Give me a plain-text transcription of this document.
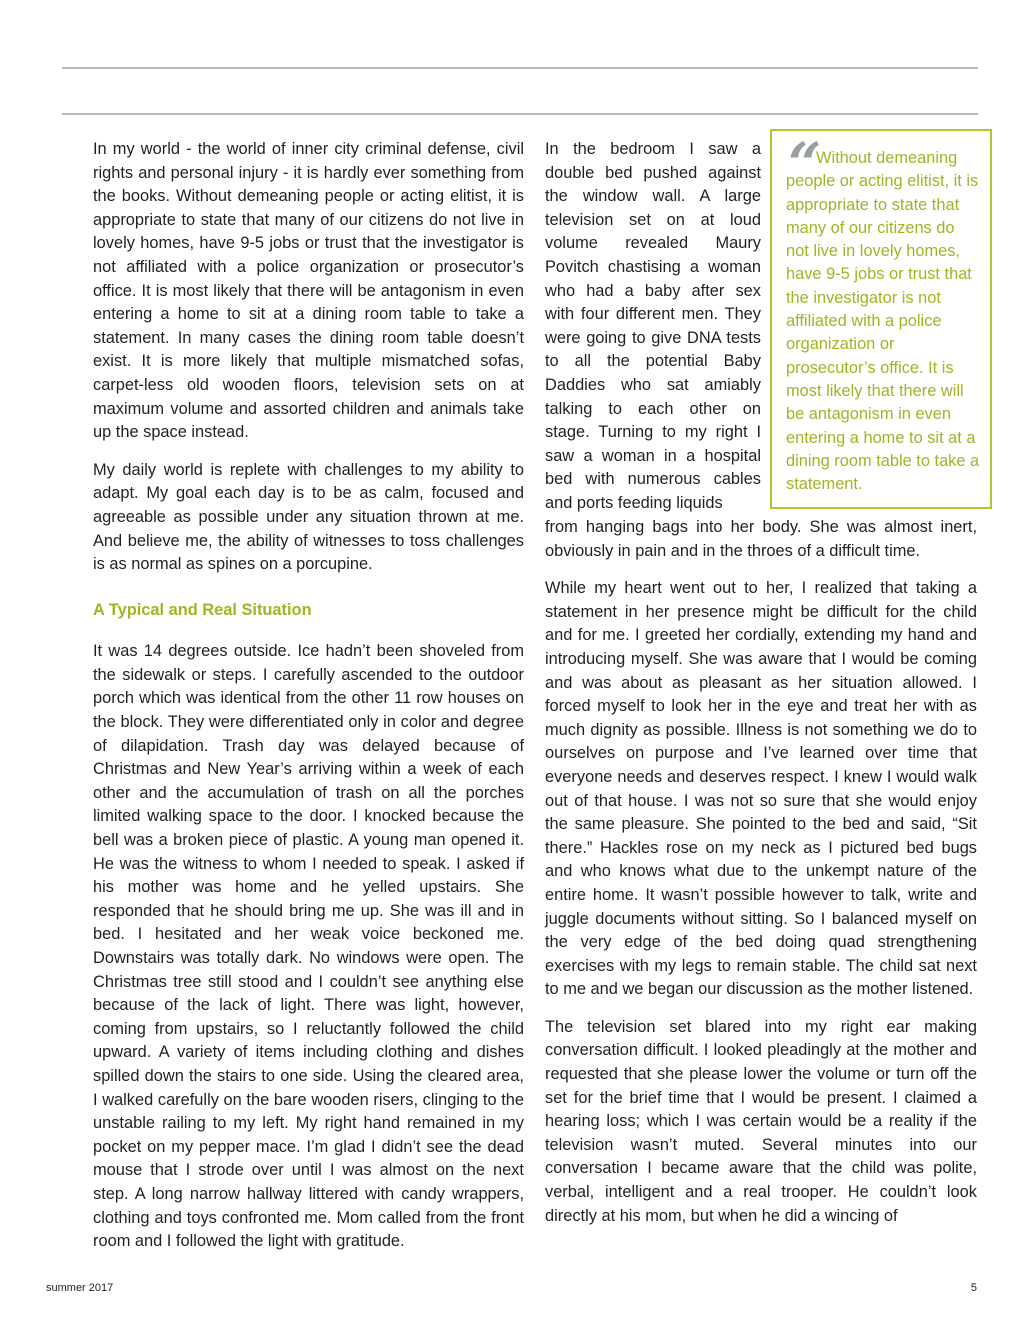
In my world - the world of inner city criminal defense, civil rights and personal injury - it is hardly ever something from the books. Without demeaning people or acting elitist, it is appropriate to state that many of our citizens do not live in lovely homes, have 9-5 jobs or trust that the investigator is not affiliated with a police organization or prosecutor’s office. It is most likely that there will be antagonism in even entering a home to sit at a dining room table to take a statement. In many cases the dining room table doesn’t exist. It is more likely that multiple mismatched sofas, carpet-less old wooden floors, television sets on at maximum volume and assorted children and animals take up the space instead.

My daily world is replete with challenges to my ability to adapt. My goal each day is to be as calm, focused and agreeable as possible under any situation thrown at me. And believe me, the ability of witnesses to toss challenges is as normal as spines on a porcupine.

A Typical and Real Situation

It was 14 degrees outside. Ice hadn’t been shoveled from the sidewalk or steps. I carefully ascended to the outdoor porch which was identical from the other 11 row houses on the block. They were differentiated only in color and degree of dilapidation. Trash day was delayed because of Christmas and New Year’s arriving within a week of each other and the accumulation of trash on all the porches limited walking space to the door. I knocked because the bell was a broken piece of plastic. A young man opened it. He was the witness to whom I needed to speak. I asked if his mother was home and he yelled upstairs. She responded that he should bring me up. She was ill and in bed. I hesitated and her weak voice beckoned me. Downstairs was totally dark. No windows were open. The Christmas tree still stood and I couldn’t see anything else because of the lack of light. There was light, however, coming from upstairs, so I reluctantly followed the child upward. A variety of items including clothing and dishes spilled down the stairs to one side. Using the cleared area, I walked carefully on the bare wooden risers, clinging to the unstable railing to my left. My right hand remained in my pocket on my pepper mace. I’m glad I didn’t see the dead mouse that I strode over until I was almost on the next step. A long narrow hallway littered with candy wrappers, clothing and toys confronted me. Mom called from the front room and I followed the light with gratitude.

In the bedroom I saw a double bed pushed against the window wall. A large television set on at loud volume revealed Maury Povitch chastising a woman who had a baby after sex with four different men. They were going to give DNA tests to all the potential Baby Daddies who sat amiably talking to each other on stage. Turning to my right I saw a woman in a hospital bed with numerous cables and ports feeding liquids

from hanging bags into her body. She was almost inert, obviously in pain and in the throes of a difficult time.

While my heart went out to her, I realized that taking a statement in her presence might be difficult for the child and for me. I greeted her cordially, extending my hand and introducing myself. She was aware that I would be coming and was about as pleasant as her situation allowed. I forced myself to look her in the eye and treat her with as much dignity as possible. Illness is not something we do to ourselves on purpose and I’ve learned over time that everyone needs and deserves respect. I knew I would walk out of that house. I was not so sure that she would enjoy the same pleasure. She pointed to the bed and said, “Sit there.” Hackles rose on my neck as I pictured bed bugs and who knows what due to the unkempt nature of the entire home. It wasn’t possible however to talk, write and juggle documents without sitting. So I balanced myself on the very edge of the bed doing quad strengthening exercises with my legs to remain stable. The child sat next to me and we began our discussion as the mother listened.

The television set blared into my right ear making conversation difficult. I looked pleadingly at the mother and requested that she please lower the volume or turn off the set for the brief time that I would be present. I claimed a hearing loss; which I was certain would be a reality if the television wasn’t muted. Several minutes into our conversation I became aware that the child was polite, verbal, intelligent and a real trooper. He couldn’t look directly at his mom, but when he did a wincing of

“
Without demeaning people or acting elitist, it is appropriate to state that many of our citizens do not live in lovely homes, have 9-5 jobs or trust that the investigator is not affiliated with a police organization or prosecutor’s office. It is most likely that there will be antagonism in even entering a home to sit at a dining room table to take a statement.
summer 2017	5
